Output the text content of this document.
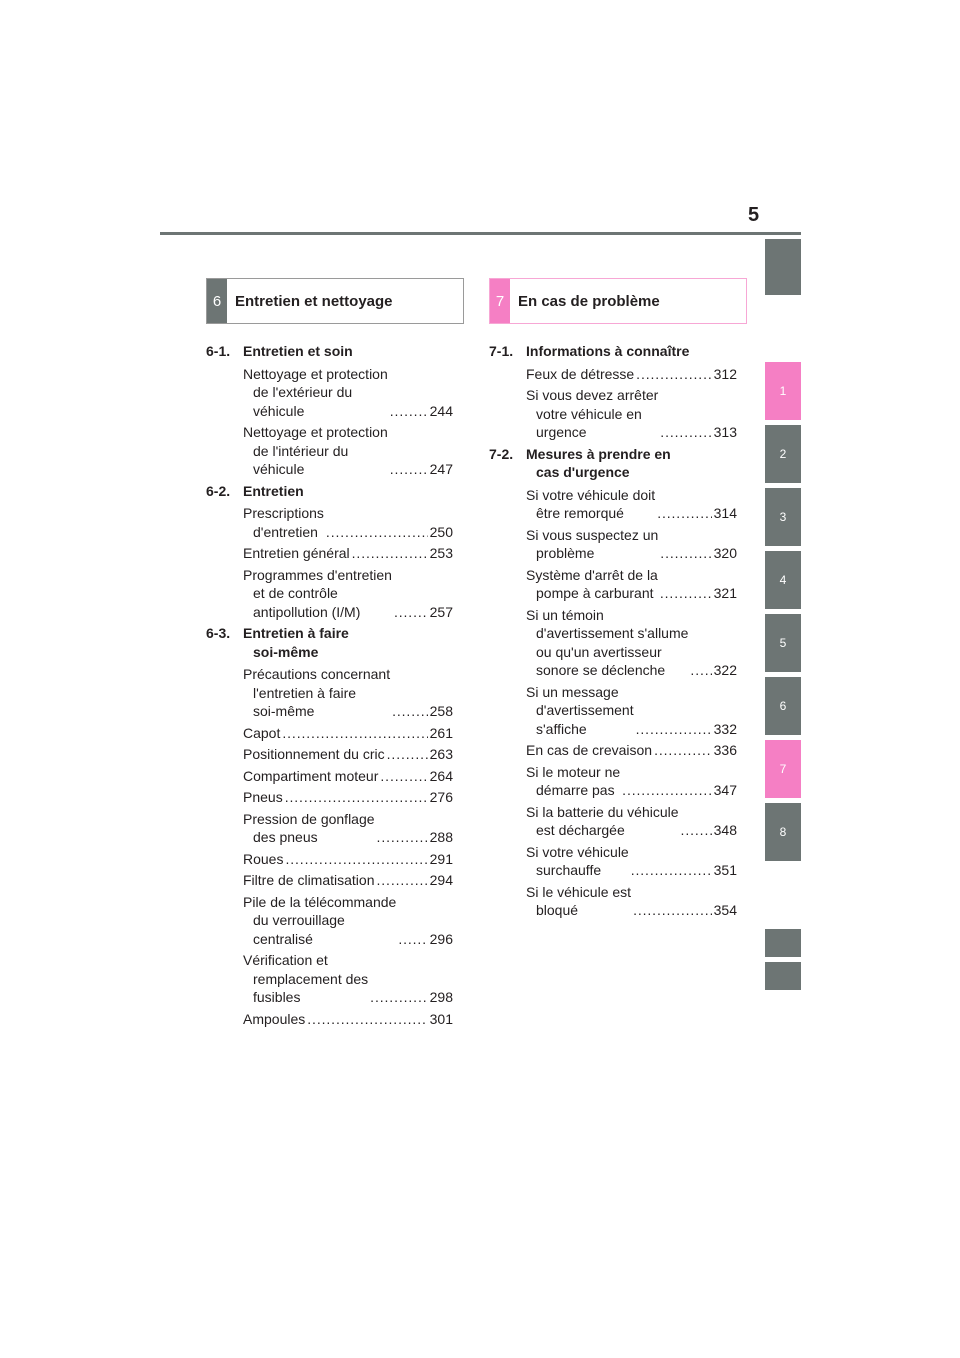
5
1
2
3
4
5
6
7
8
6 Entretien et nettoyage	7 En cas de problème
6-1. Entretien et soin
Nettoyage et protection
de l'extérieur du
véhicule . . .	244
Nettoyage et protection
de l'intérieur du
véhicule . . .	247
6-2. Entretien
Prescriptions
d'entretien . . .	250
Entretien général . . .	253
Programmes d'entretien
et de contrôle
antipollution (I/M) . . .	257
6-3. Entretien à faire
soi-même
Précautions concernant
l'entretien à faire
soi-même . . .	258
Capot . . .	261
Positionnement du cric . . .	263
Compartiment moteur . . .	264
Pneus . . .	276
Pression de gonflage
des pneus . . .	288
Roues . . .	291
Filtre de climatisation . . .	294
Pile de la télécommande
du verrouillage
centralisé . . .	296
Vérification et
remplacement des
fusibles . . .	298
Ampoules . . .	301
7-1. Informations à connaître
Feux de détresse . . .	312
Si vous devez arrêter
votre véhicule en
urgence . . .	313
7-2. Mesures à prendre en
cas d'urgence
Si votre véhicule doit
être remorqué . . .	314
Si vous suspectez un
problème . . .	320
Système d'arrêt de la
pompe à carburant . . .	321
Si un témoin
d'avertissement s'allume
ou qu'un avertisseur
sonore se déclenche . . .	322
Si un message
d'avertissement
s'affiche . . .	332
En cas de crevaison . . .	336
Si le moteur ne
démarre pas . . .	347
Si la batterie du véhicule
est déchargée . . .	348
Si votre véhicule
surchauffe . . .	351
Si le véhicule est
bloqué . . .	354
